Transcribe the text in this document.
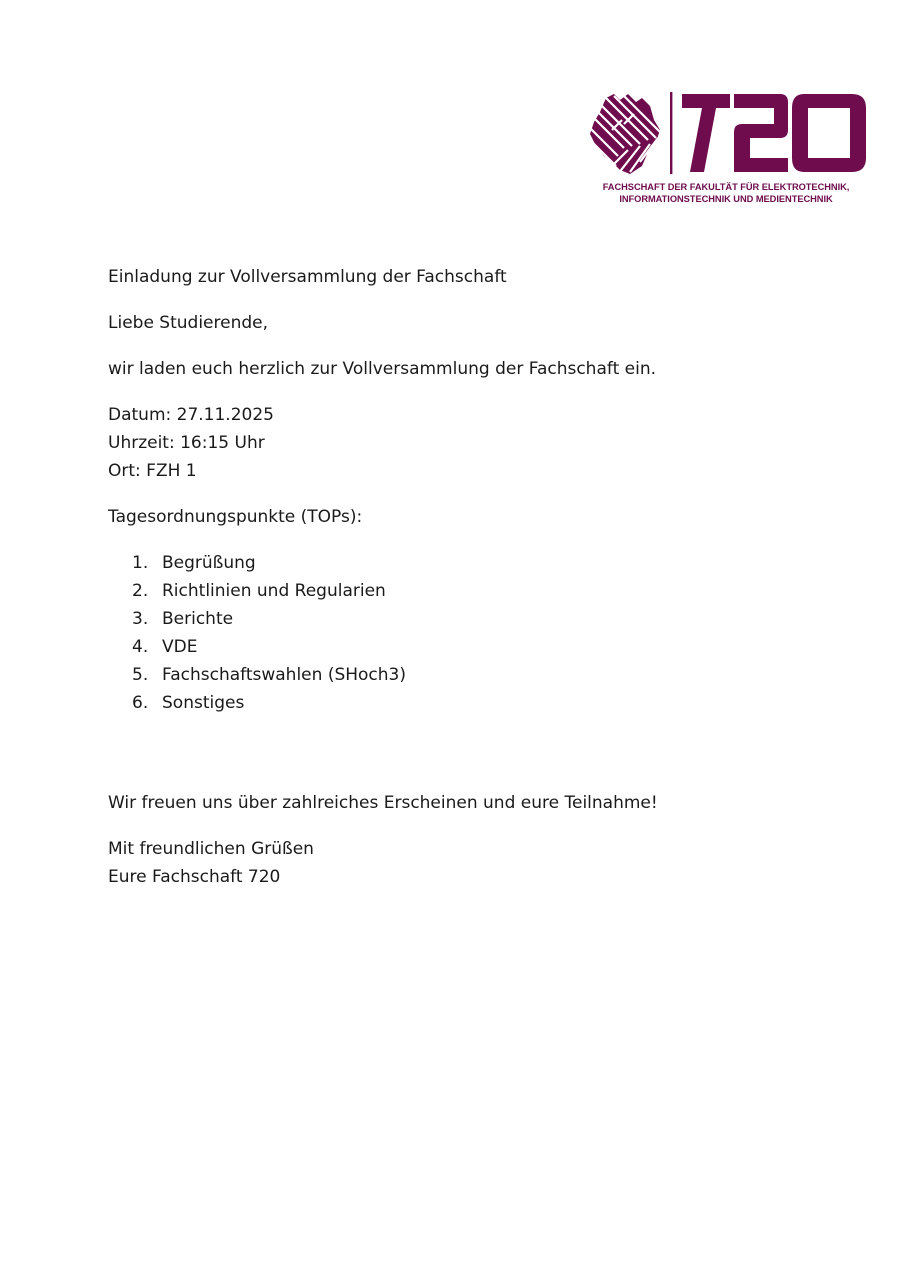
FACHSCHAFT DER FAKULTÄT FÜR ELEKTROTECHNIK,
INFORMATIONSTECHNIK UND MEDIENTECHNIK
Einladung zur Vollversammlung der Fachschaft
Liebe Studierende,
wir laden euch herzlich zur Vollversammlung der Fachschaft ein.
Datum: 27.11.2025
Uhrzeit: 16:15 Uhr
Ort: FZH 1
Tagesordnungspunkte (TOPs):
1. Begrüßung
2. Richtlinien und Regularien
3. Berichte
4. VDE
5. Fachschaftswahlen (SHoch3)
6. Sonstiges
Wir freuen uns über zahlreiches Erscheinen und eure Teilnahme!
Mit freundlichen Grüßen
Eure Fachschaft 720
